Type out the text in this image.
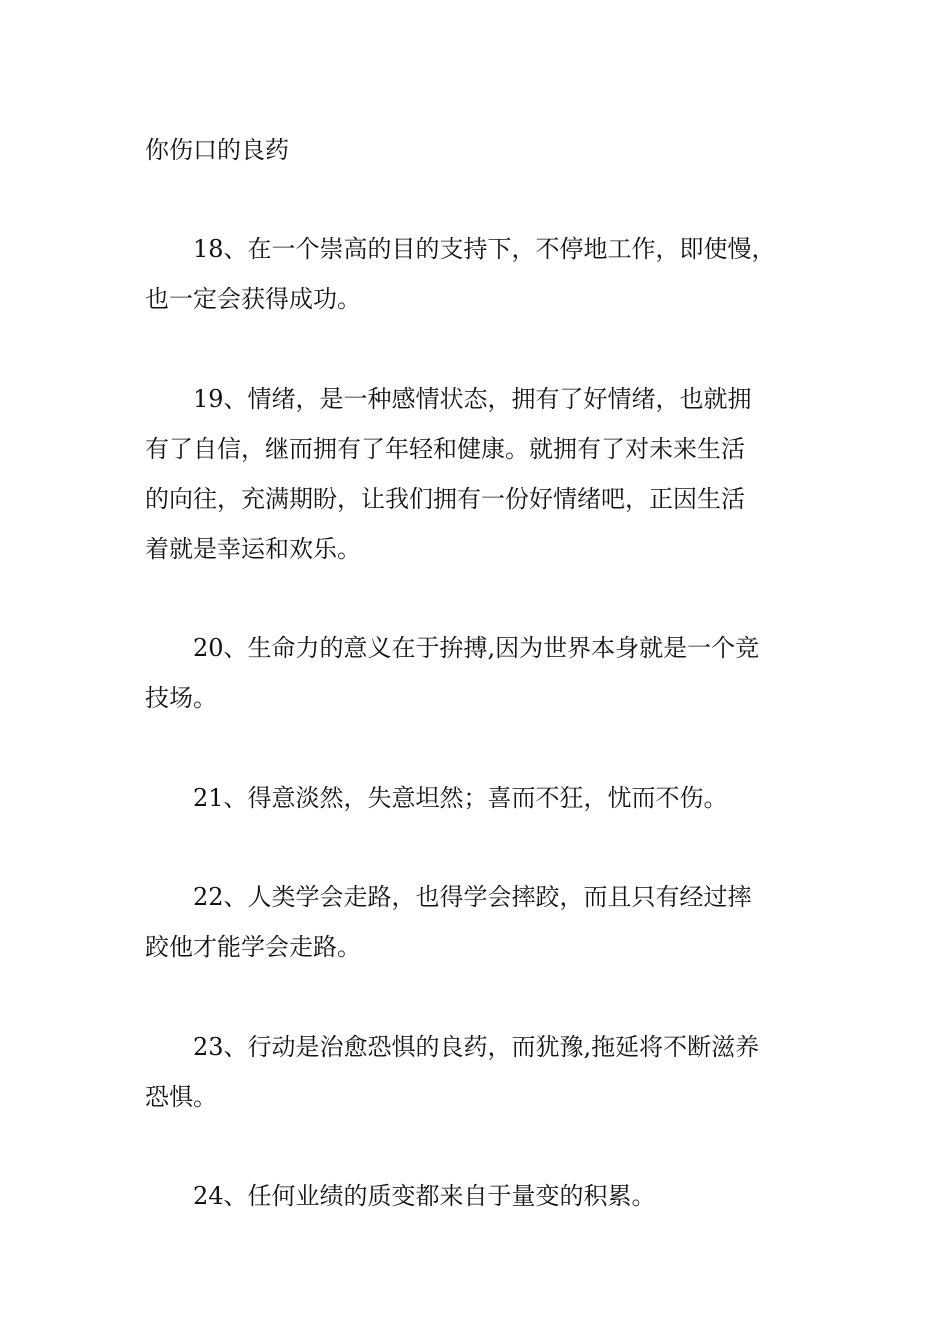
你伤口的良药
18、在一个崇高的目的支持下，不停地工作，即使慢，
也一定会获得成功。
19、情绪，是一种感情状态，拥有了好情绪，也就拥
有了自信，继而拥有了年轻和健康。就拥有了对未来生活
的向往，充满期盼，让我们拥有一份好情绪吧，正因生活
着就是幸运和欢乐。
20、生命力的意义在于拚搏,因为世界本身就是一个竞
技场。
21、得意淡然，失意坦然；喜而不狂，忧而不伤。
22、人类学会走路，也得学会摔跤，而且只有经过摔
跤他才能学会走路。
23、行动是治愈恐惧的良药，而犹豫,拖延将不断滋养
恐惧。
24、任何业绩的质变都来自于量变的积累。
